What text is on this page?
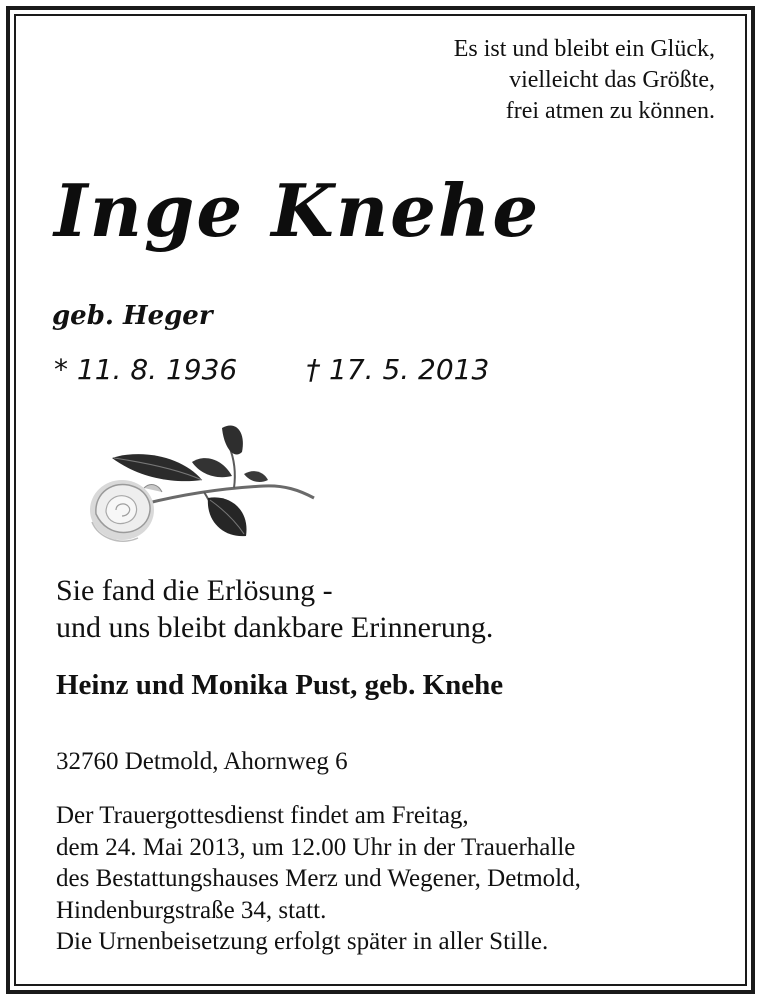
Es ist und bleibt ein Glück,
vielleicht das Größte,
frei atmen zu können.
Inge Knehe
geb. Heger
* 11. 8. 1936 † 17. 5. 2013
Sie fand die Erlösung -
und uns bleibt dankbare Erinnerung.
Heinz und Monika Pust, geb. Knehe
32760 Detmold, Ahornweg 6
Der Trauergottesdienst findet am Freitag,
dem 24. Mai 2013, um 12.00 Uhr in der Trauerhalle
des Bestattungshauses Merz und Wegener, Detmold,
Hindenburgstraße 34, statt.
Die Urnenbeisetzung erfolgt später in aller Stille.
